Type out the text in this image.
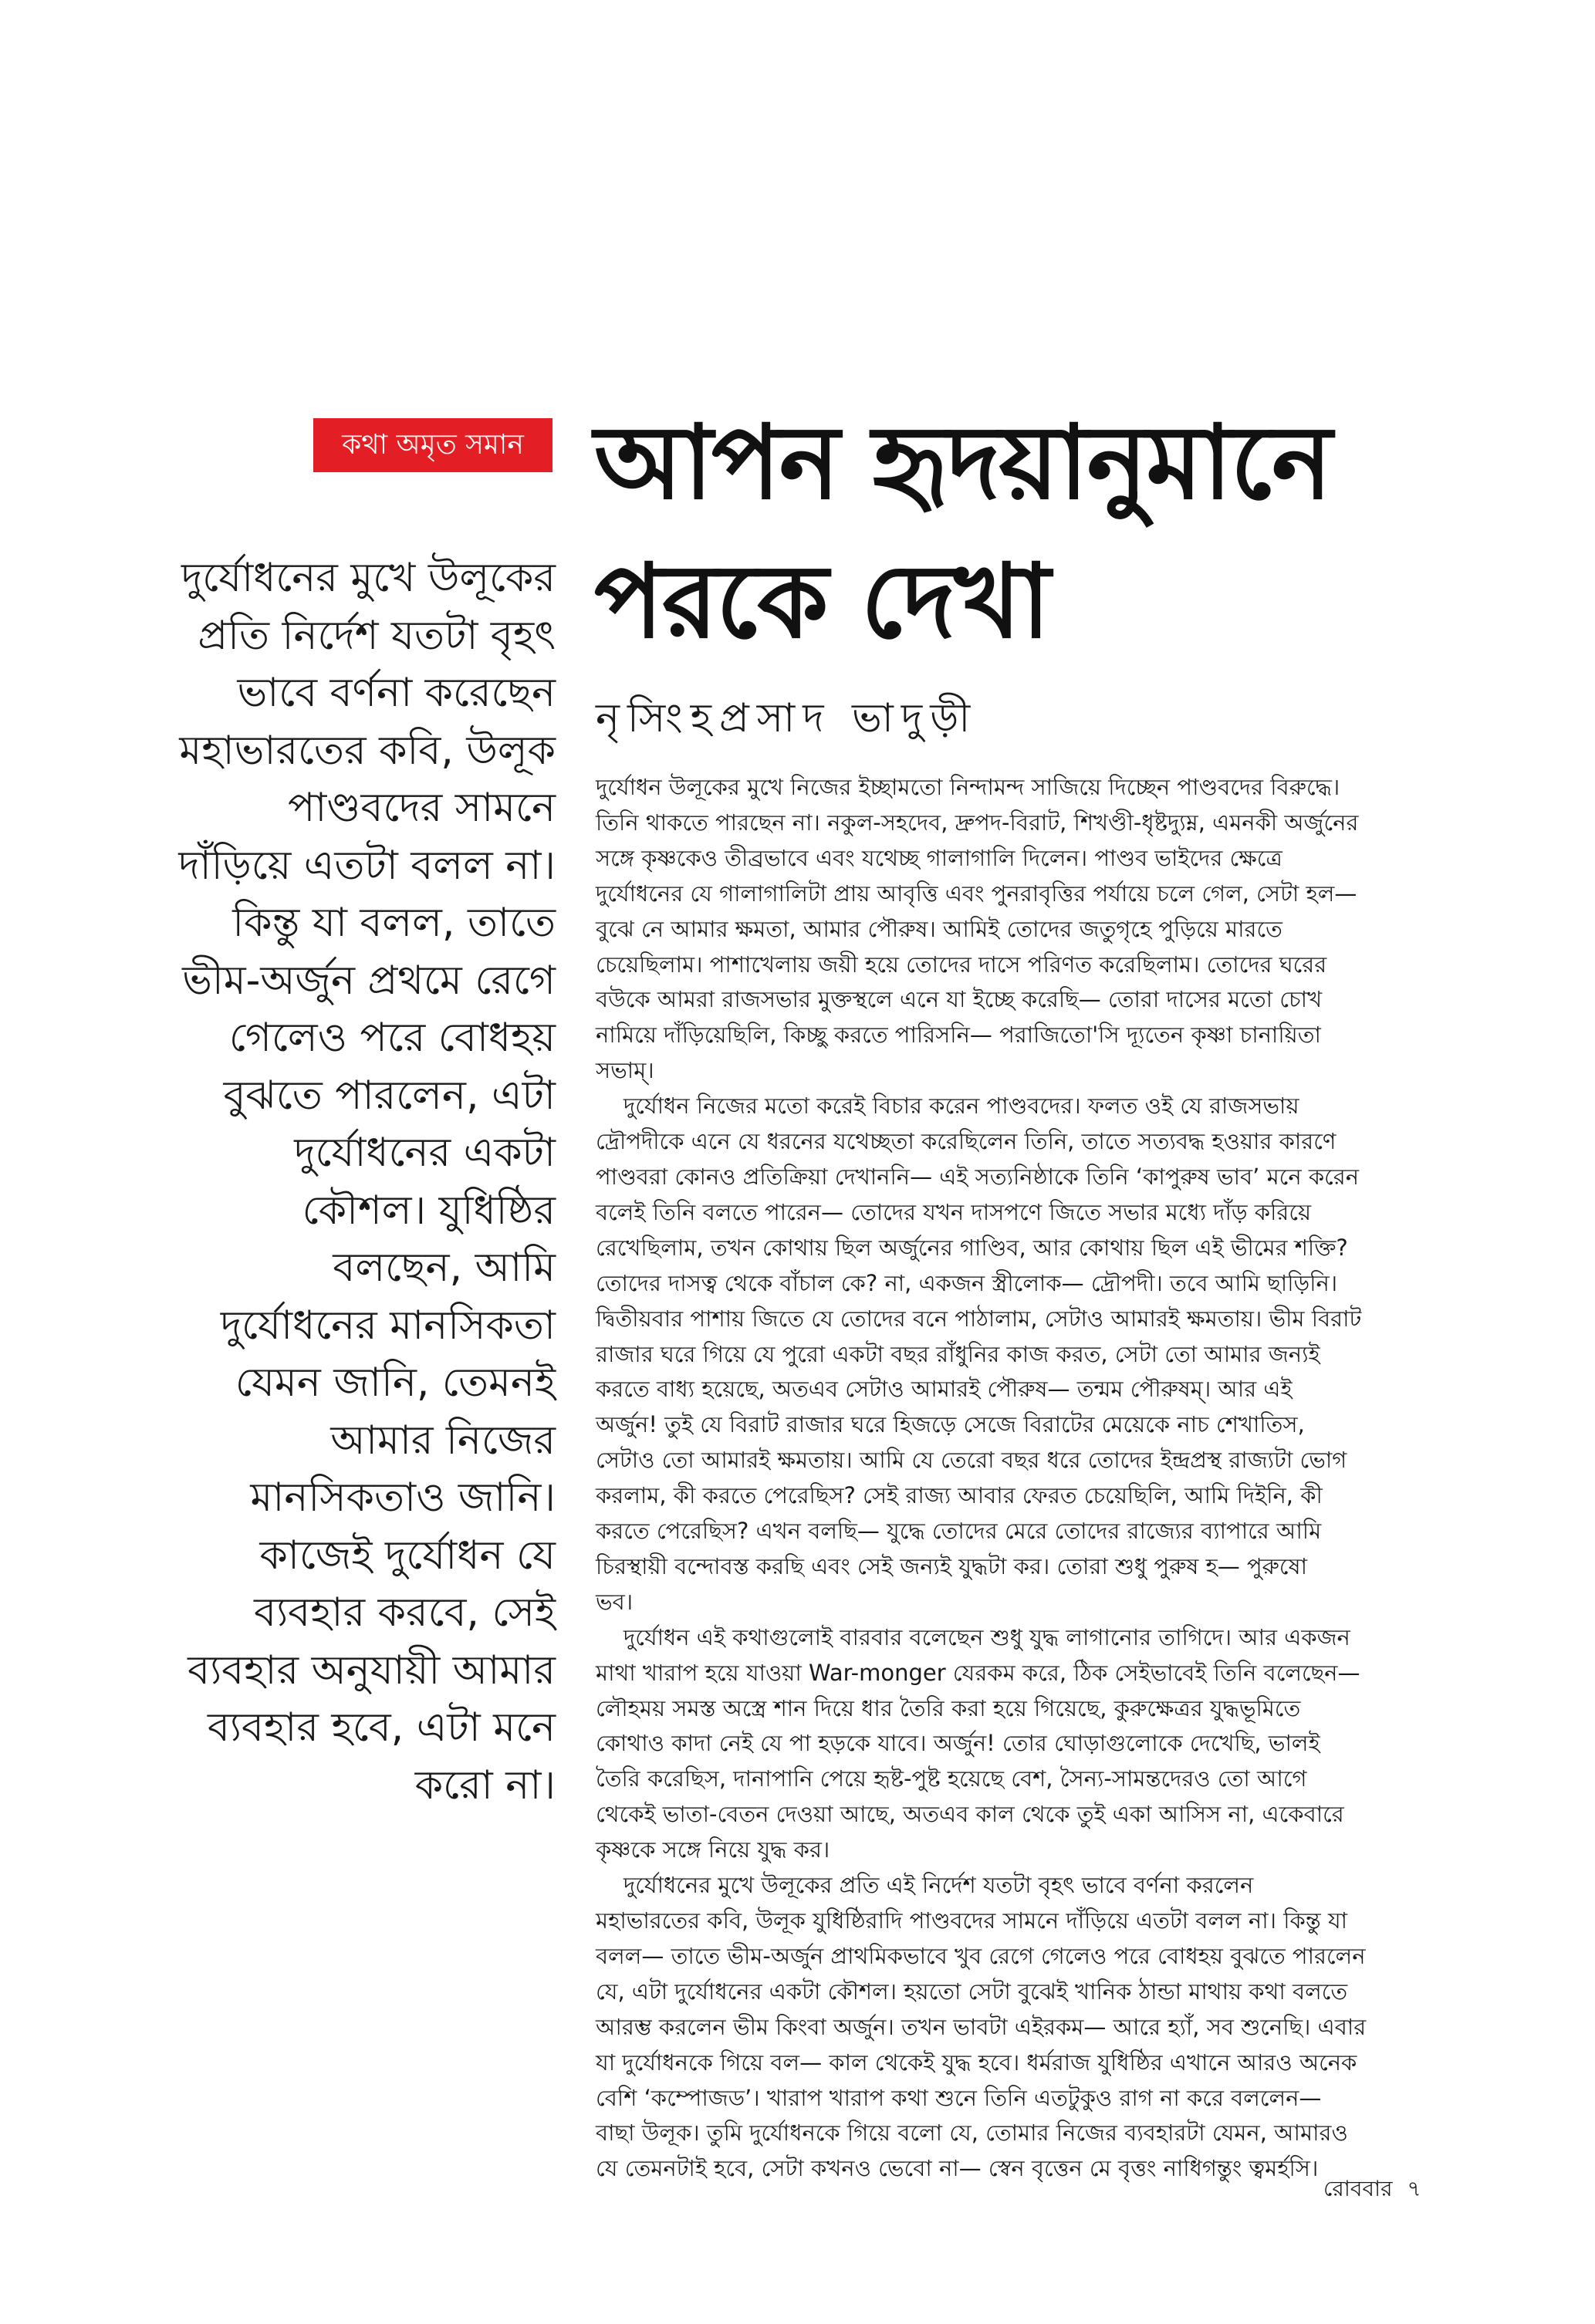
কথা অমৃত সমান আপন হৃদয়ানুমানে
পরকে দেখা
নৃসিংহপ্রসাদ ভাদুড়ী
দুর্যোধনের মুখে উলূকের
প্রতি নির্দেশ যতটা বৃহৎ
ভাবে বর্ণনা করেছেন
মহাভারতের কবি, উলূক
পাণ্ডবদের সামনে
দাঁড়িয়ে এতটা বলল না।
কিন্তু যা বলল, তাতে
ভীম-অর্জুন প্রথমে রেগে
গেলেও পরে বোধহয়
বুঝতে পারলেন, এটা
দুর্যোধনের একটা
কৌশল। যুধিষ্ঠির
বলছেন, আমি
দুর্যোধনের মানসিকতা
যেমন জানি, তেমনই
আমার নিজের
মানসিকতাও জানি।
কাজেই দুর্যোধন যে
ব্যবহার করবে, সেই
ব্যবহার অনুযায়ী আমার
ব্যবহার হবে, এটা মনে
করো না।
দুর্যোধন উলূকের মুখে নিজের ইচ্ছামতো নিন্দামন্দ সাজিয়ে দিচ্ছেন পাণ্ডবদের বিরুদ্ধে।
তিনি থাকতে পারছেন না। নকুল-সহদেব, দ্রুপদ-বিরাট, শিখণ্ডী-ধৃষ্টদ্যুম্ন, এমনকী অর্জুনের
সঙ্গে কৃষ্ণকেও তীব্রভাবে এবং যথেচ্ছ গালাগালি দিলেন। পাণ্ডব ভাইদের ক্ষেত্রে
দুর্যোধনের যে গালাগালিটা প্রায় আবৃত্তি এবং পুনরাবৃত্তির পর্যায়ে চলে গেল, সেটা হল—
বুঝে নে আমার ক্ষমতা, আমার পৌরুষ। আমিই তোদের জতুগৃহে পুড়িয়ে মারতে
চেয়েছিলাম। পাশাখেলায় জয়ী হয়ে তোদের দাসে পরিণত করেছিলাম। তোদের ঘরের
বউকে আমরা রাজসভার মুক্তস্থলে এনে যা ইচ্ছে করেছি— তোরা দাসের মতো চোখ
নামিয়ে দাঁড়িয়েছিলি, কিচ্ছু করতে পারিসনি— পরাজিতো'সি দ্যূতেন কৃষ্ণা চানায়িতা
সভাম্।
দুর্যোধন নিজের মতো করেই বিচার করেন পাণ্ডবদের। ফলত ওই যে রাজসভায়
দ্রৌপদীকে এনে যে ধরনের যথেচ্ছতা করেছিলেন তিনি, তাতে সত্যবদ্ধ হওয়ার কারণে
পাণ্ডবরা কোনও প্রতিক্রিয়া দেখাননি— এই সত্যনিষ্ঠাকে তিনি ‘কাপুরুষ ভাব’ মনে করেন
বলেই তিনি বলতে পারেন— তোদের যখন দাসপণে জিতে সভার মধ্যে দাঁড় করিয়ে
রেখেছিলাম, তখন কোথায় ছিল অর্জুনের গাণ্ডিব, আর কোথায় ছিল এই ভীমের শক্তি?
তোদের দাসত্ব থেকে বাঁচাল কে? না, একজন স্ত্রীলোক— দ্রৌপদী। তবে আমি ছাড়িনি।
দ্বিতীয়বার পাশায় জিতে যে তোদের বনে পাঠালাম, সেটাও আমারই ক্ষমতায়। ভীম বিরাট
রাজার ঘরে গিয়ে যে পুরো একটা বছর রাঁধুনির কাজ করত, সেটা তো আমার জন্যই
করতে বাধ্য হয়েছে, অতএব সেটাও আমারই পৌরুষ— তন্মম পৌরুষম্। আর এই
অর্জুন! তুই যে বিরাট রাজার ঘরে হিজড়ে সেজে বিরাটের মেয়েকে নাচ শেখাতিস,
সেটাও তো আমারই ক্ষমতায়। আমি যে তেরো বছর ধরে তোদের ইন্দ্রপ্রস্থ রাজ্যটা ভোগ
করলাম, কী করতে পেরেছিস? সেই রাজ্য আবার ফেরত চেয়েছিলি, আমি দিইনি, কী
করতে পেরেছিস? এখন বলছি— যুদ্ধে তোদের মেরে তোদের রাজ্যের ব্যাপারে আমি
চিরস্থায়ী বন্দোবস্ত করছি এবং সেই জন্যই যুদ্ধটা কর। তোরা শুধু পুরুষ হ— পুরুষো
ভব।
দুর্যোধন এই কথাগুলোই বারবার বলেছেন শুধু যুদ্ধ লাগানোর তাগিদে। আর একজন
মাথা খারাপ হয়ে যাওয়া War-monger যেরকম করে, ঠিক সেইভাবেই তিনি বলেছেন—
লৌহময় সমস্ত অস্ত্রে শান দিয়ে ধার তৈরি করা হয়ে গিয়েছে, কুরুক্ষেত্রর যুদ্ধভূমিতে
কোথাও কাদা নেই যে পা হড়কে যাবে। অর্জুন! তোর ঘোড়াগুলোকে দেখেছি, ভালই
তৈরি করেছিস, দানাপানি পেয়ে হৃষ্ট-পুষ্ট হয়েছে বেশ, সৈন্য-সামন্তদেরও তো আগে
থেকেই ভাতা-বেতন দেওয়া আছে, অতএব কাল থেকে তুই একা আসিস না, একেবারে
কৃষ্ণকে সঙ্গে নিয়ে যুদ্ধ কর।
দুর্যোধনের মুখে উলূকের প্রতি এই নির্দেশ যতটা বৃহৎ ভাবে বর্ণনা করলেন
মহাভারতের কবি, উলূক যুধিষ্ঠিরাদি পাণ্ডবদের সামনে দাঁড়িয়ে এতটা বলল না। কিন্তু যা
বলল— তাতে ভীম-অর্জুন প্রাথমিকভাবে খুব রেগে গেলেও পরে বোধহয় বুঝতে পারলেন
যে, এটা দুর্যোধনের একটা কৌশল। হয়তো সেটা বুঝেই খানিক ঠান্ডা মাথায় কথা বলতে
আরম্ভ করলেন ভীম কিংবা অর্জুন। তখন ভাবটা এইরকম— আরে হ্যাঁ, সব শুনেছি। এবার
যা দুর্যোধনকে গিয়ে বল— কাল থেকেই যুদ্ধ হবে। ধর্মরাজ যুধিষ্ঠির এখানে আরও অনেক
বেশি ‘কম্পোজড’। খারাপ খারাপ কথা শুনে তিনি এতটুকুও রাগ না করে বললেন—
বাছা উলূক। তুমি দুর্যোধনকে গিয়ে বলো যে, তোমার নিজের ব্যবহারটা যেমন, আমারও
যে তেমনটাই হবে, সেটা কখনও ভেবো না— স্বেন বৃত্তেন মে বৃত্তং নাধিগন্তুং ত্বমর্হসি।
রোববার ৭
